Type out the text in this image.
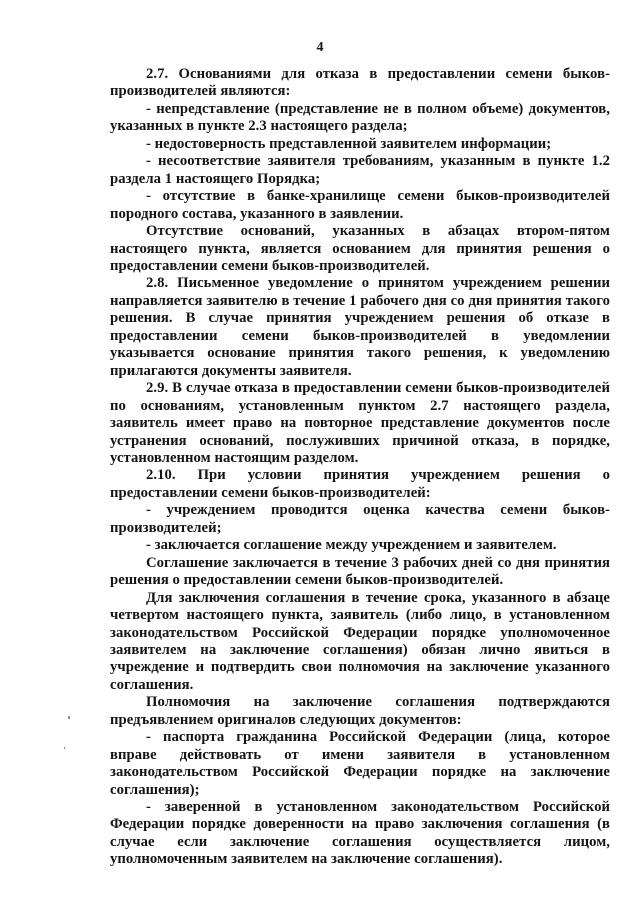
4

2.7. Основаниями для отказа в предоставлении семени быков-производителей являются:

- непредставление (представление не в полном объеме) документов, указанных в пункте 2.3 настоящего раздела;

- недостоверность представленной заявителем информации;

- несоответствие заявителя требованиям, указанным в пункте 1.2 раздела 1 настоящего Порядка;

- отсутствие в банке-хранилище семени быков-производителей породного состава, указанного в заявлении.

Отсутствие оснований, указанных в абзацах втором-пятом настоящего пункта, является основанием для принятия решения о предоставлении семени быков-производителей.

2.8. Письменное уведомление о принятом учреждением решении направляется заявителю в течение 1 рабочего дня со дня принятия такого решения. В случае принятия учреждением решения об отказе в предоставлении семени быков-производителей в уведомлении указывается основание принятия такого решения, к уведомлению прилагаются документы заявителя.

2.9. В случае отказа в предоставлении семени быков-производителей по основаниям, установленным пунктом 2.7 настоящего раздела, заявитель имеет право на повторное представление документов после устранения оснований, послуживших причиной отказа, в порядке, установленном настоящим разделом.

2.10. При условии принятия учреждением решения о предоставлении семени быков-производителей:

- учреждением проводится оценка качества семени быков-производителей;

- заключается соглашение между учреждением и заявителем.

Соглашение заключается в течение 3 рабочих дней со дня принятия решения о предоставлении семени быков-производителей.

Для заключения соглашения в течение срока, указанного в абзаце четвертом настоящего пункта, заявитель (либо лицо, в установленном законодательством Российской Федерации порядке уполномоченное заявителем на заключение соглашения) обязан лично явиться в учреждение и подтвердить свои полномочия на заключение указанного соглашения.

Полномочия на заключение соглашения подтверждаются предъявлением оригиналов следующих документов:

- паспорта гражданина Российской Федерации (лица, которое вправе действовать от имени заявителя в установленном законодательством Российской Федерации порядке на заключение соглашения);

- заверенной в установленном законодательством Российской Федерации порядке доверенности на право заключения соглашения (в случае если заключение соглашения осуществляется лицом, уполномоченным заявителем на заключение соглашения).
